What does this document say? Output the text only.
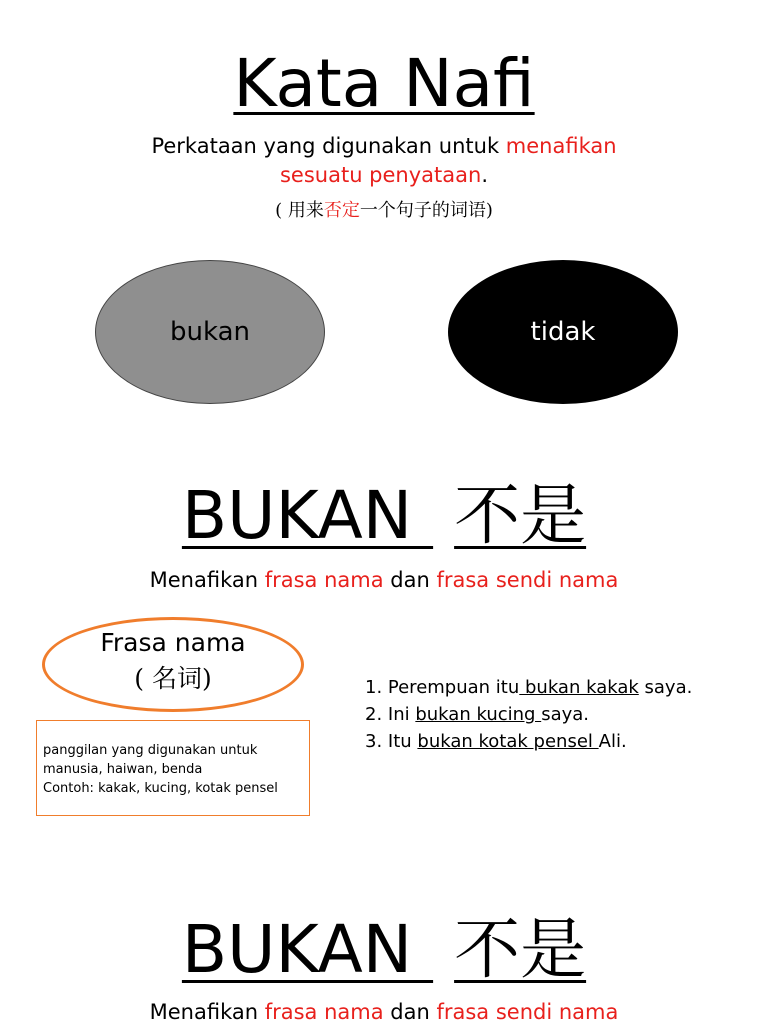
Kata Nafi
Perkataan yang digunakan untuk menafikan
sesuatu penyataan.
( 用来否定一个句子的词语)
bukan	tidak
BUKAN  不是
Menafikan frasa nama dan frasa sendi nama
Frasa nama
( 名词)
panggilan yang digunakan untuk
manusia, haiwan, benda
Contoh: kakak, kucing, kotak pensel
1. Perempuan itu bukan kakak saya.
2. Ini bukan kucing saya.
3. Itu bukan kotak pensel Ali.
BUKAN  不是
Menafikan frasa nama dan frasa sendi nama
